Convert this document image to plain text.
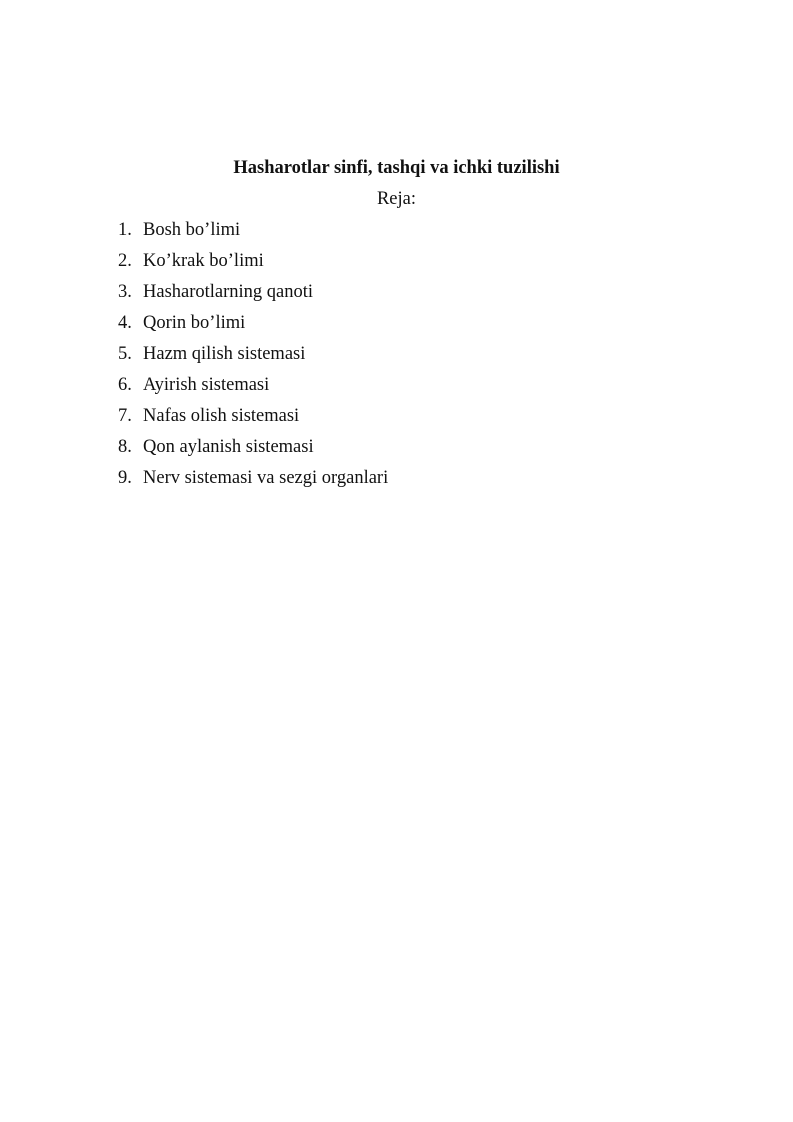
Hasharotlar sinfi, tashqi va ichki tuzilishi
Reja:
1. Bosh bo’limi
2. Ko’krak bo’limi
3. Hasharotlarning qanoti
4. Qorin bo’limi
5. Hazm qilish sistemasi
6. Ayirish sistemasi
7. Nafas olish sistemasi
8. Qon aylanish sistemasi
9. Nerv sistemasi va sezgi organlari
